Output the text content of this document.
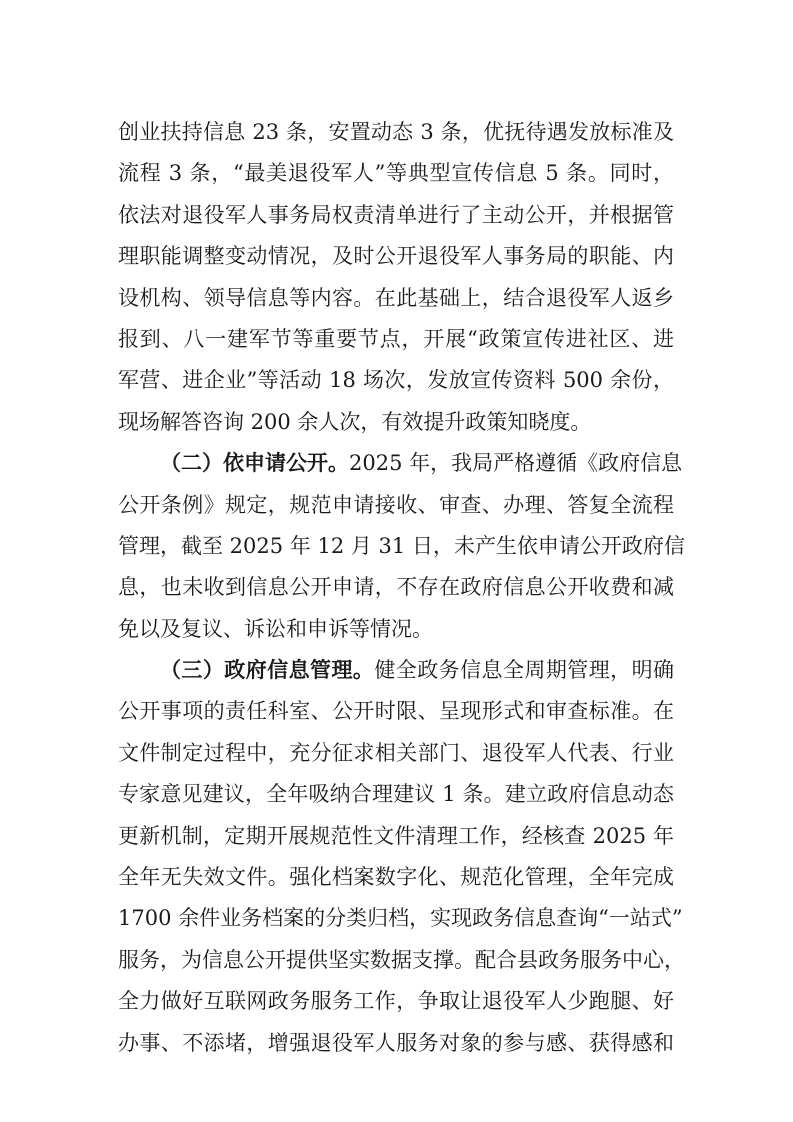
创业扶持信息 23 条，安置动态 3 条，优抚待遇发放标准及
流程 3 条，“最美退役军人”等典型宣传信息 5 条。同时，
依法对退役军人事务局权责清单进行了主动公开，并根据管
理职能调整变动情况，及时公开退役军人事务局的职能、内
设机构、领导信息等内容。在此基础上，结合退役军人返乡
报到、八一建军节等重要节点，开展“政策宣传进社区、进
军营、进企业”等活动 18 场次，发放宣传资料 500 余份，
现场解答咨询 200 余人次，有效提升政策知晓度。
（二）依申请公开。2025 年，我局严格遵循《政府信息
公开条例》规定，规范申请接收、审查、办理、答复全流程
管理，截至 2025 年 12 月 31 日，未产生依申请公开政府信
息，也未收到信息公开申请，不存在政府信息公开收费和减
免以及复议、诉讼和申诉等情况。
（三）政府信息管理。健全政务信息全周期管理，明确
公开事项的责任科室、公开时限、呈现形式和审查标准。在
文件制定过程中，充分征求相关部门、退役军人代表、行业
专家意见建议，全年吸纳合理建议 1 条。建立政府信息动态
更新机制，定期开展规范性文件清理工作，经核查 2025 年
全年无失效文件。强化档案数字化、规范化管理，全年完成
1700 余件业务档案的分类归档，实现政务信息查询“一站式”
服务，为信息公开提供坚实数据支撑。配合县政务服务中心，
全力做好互联网政务服务工作，争取让退役军人少跑腿、好
办事、不添堵，增强退役军人服务对象的参与感、获得感和
